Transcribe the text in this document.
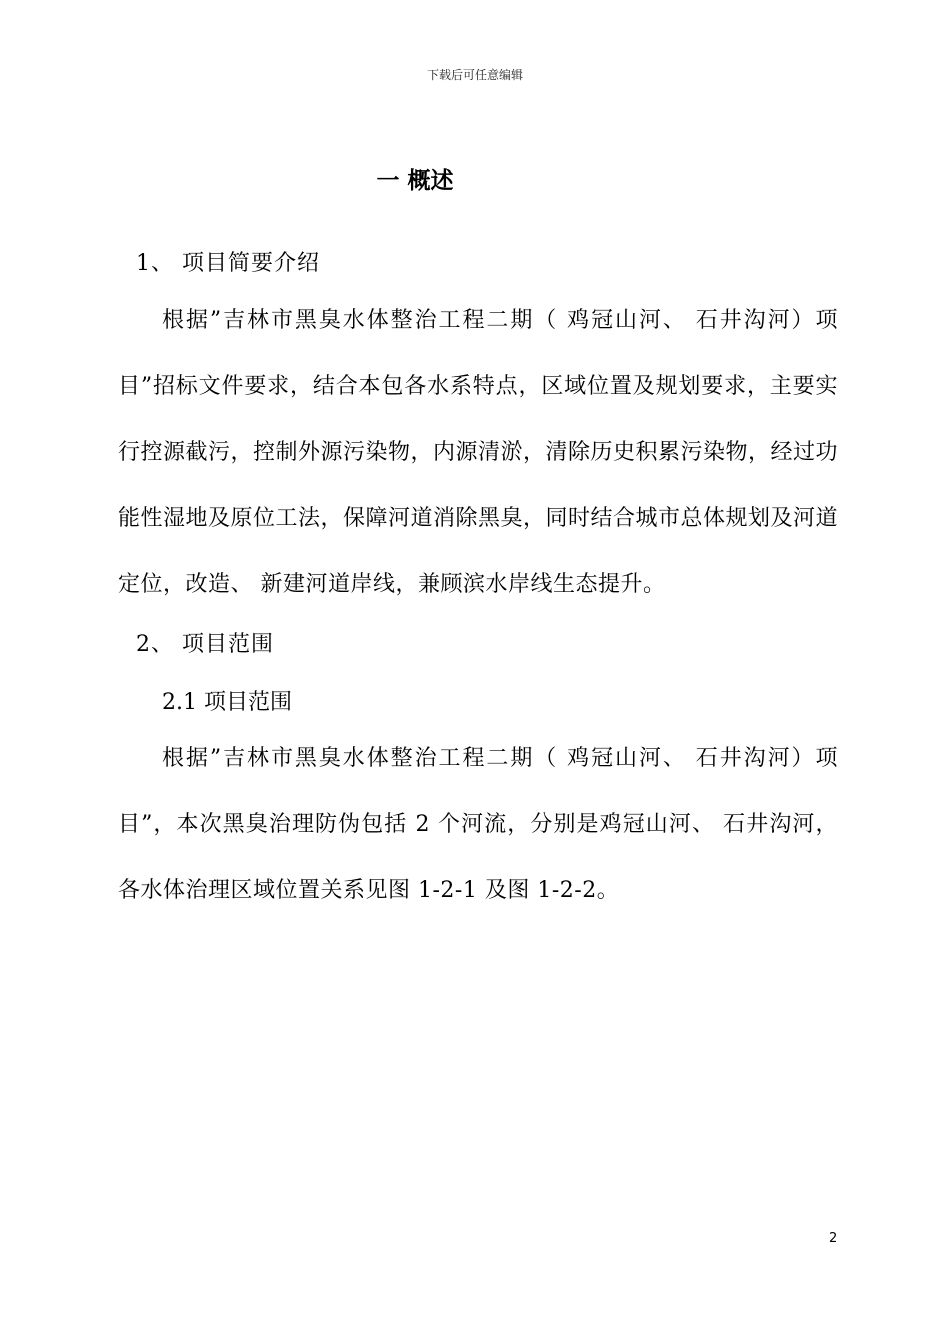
下载后可任意编辑
一 概述
1、 项目简要介绍
根据”吉林市黑臭水体整治工程二期（ 鸡冠山河、 石井沟河）项目”招标文件要求，结合本包各水系特点，区域位置及规划要求，主要实行控源截污，控制外源污染物，内源清淤，清除历史积累污染物，经过功能性湿地及原位工法，保障河道消除黑臭，同时结合城市总体规划及河道定位，改造、 新建河道岸线，兼顾滨水岸线生态提升。
2、 项目范围
2.1 项目范围
根据”吉林市黑臭水体整治工程二期（ 鸡冠山河、 石井沟河）项目”，本次黑臭治理防伪包括 2 个河流，分别是鸡冠山河、 石井沟河，各水体治理区域位置关系见图 1-2-1 及图 1-2-2。
2
